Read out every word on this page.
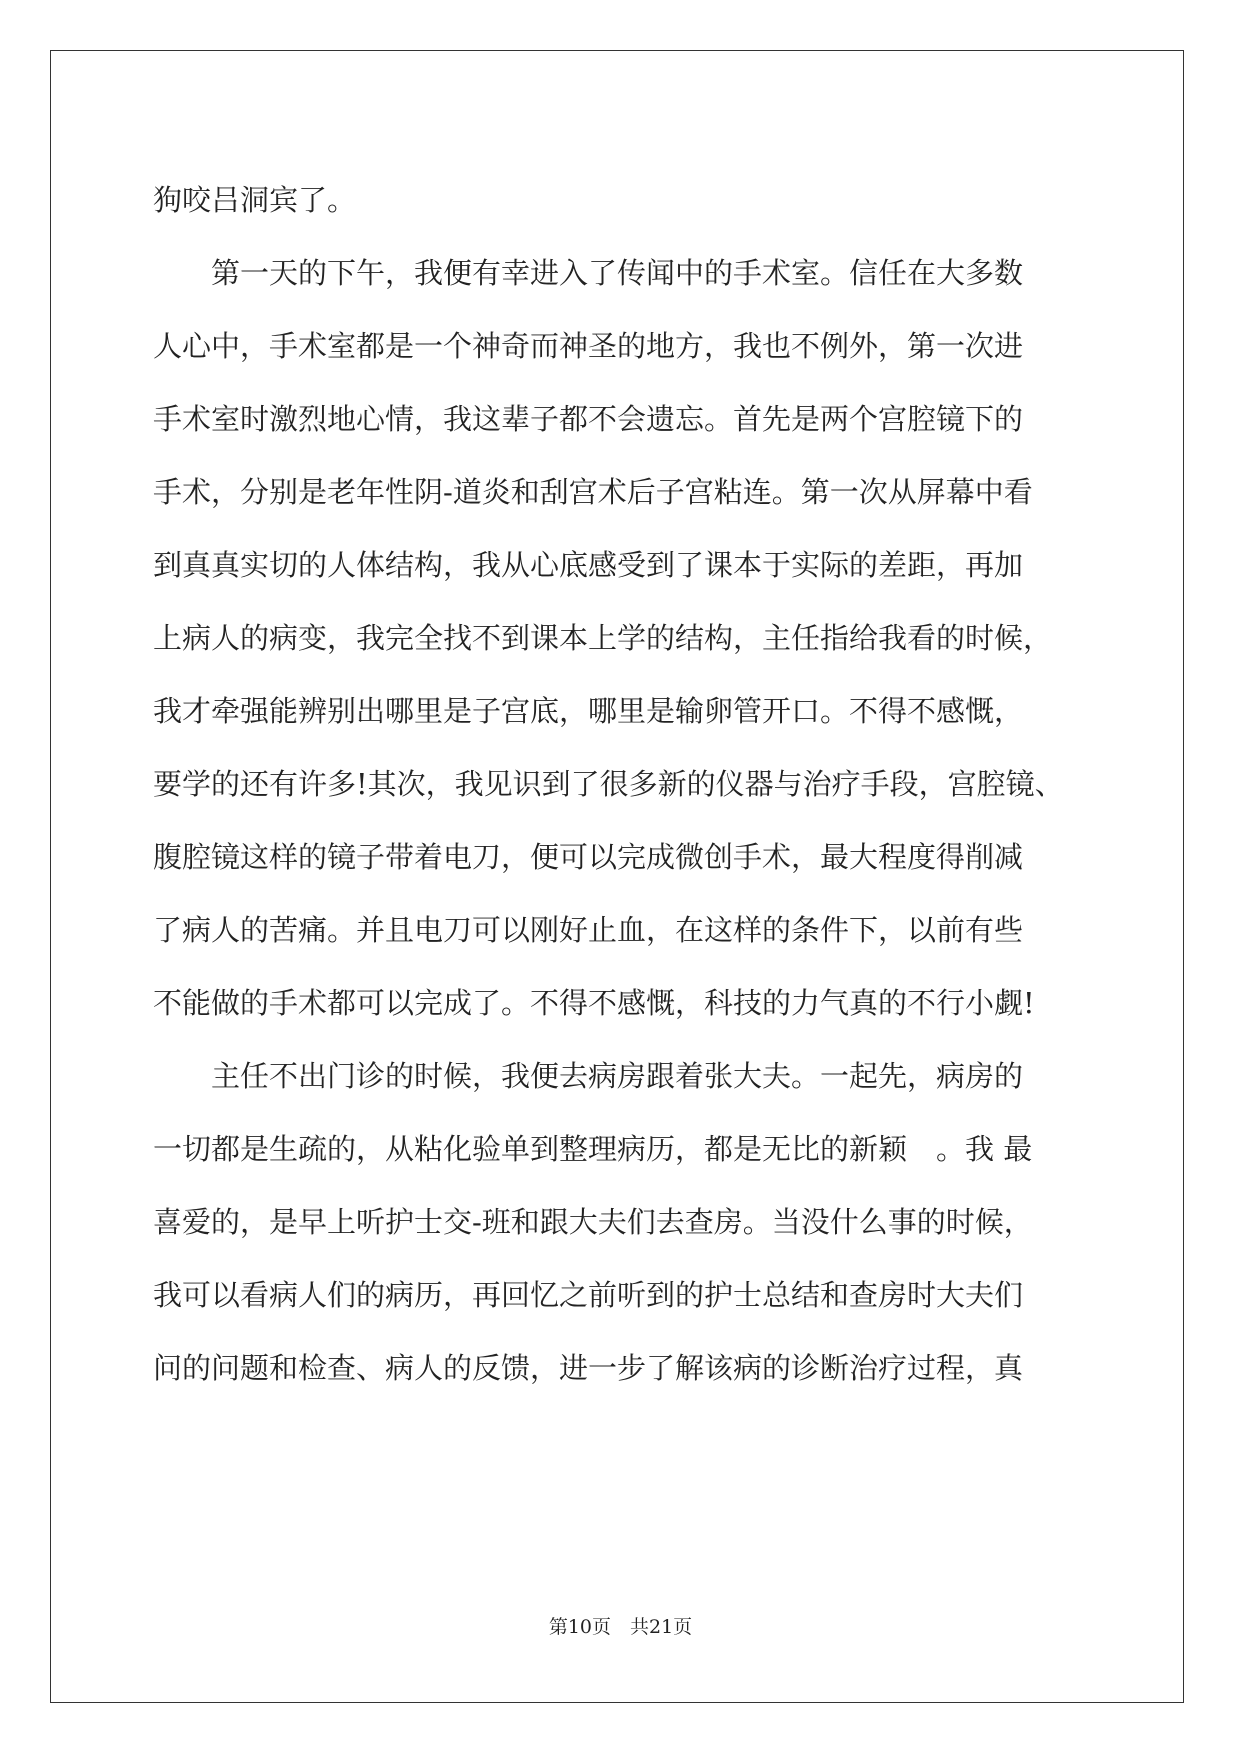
狗咬吕洞宾了。
　　第一天的下午，我便有幸进入了传闻中的手术室。信任在大多数
人心中，手术室都是一个神奇而神圣的地方，我也不例外，第一次进
手术室时激烈地心情，我这辈子都不会遗忘。首先是两个宫腔镜下的
手术，分别是老年性阴-道炎和刮宫术后子宫粘连。第一次从屏幕中看
到真真实切的人体结构，我从心底感受到了课本于实际的差距，再加
上病人的病变，我完全找不到课本上学的结构，主任指给我看的时候，
我才牵强能辨别出哪里是子宫底，哪里是输卵管开口。不得不感慨，
要学的还有许多!其次，我见识到了很多新的仪器与治疗手段，宫腔镜、
腹腔镜这样的镜子带着电刀，便可以完成微创手术，最大程度得削减
了病人的苦痛。并且电刀可以刚好止血，在这样的条件下，以前有些
不能做的手术都可以完成了。不得不感慨，科技的力气真的不行小觑!
　　主任不出门诊的时候，我便去病房跟着张大夫。一起先，病房的
一切都是生疏的，从粘化验单到整理病历，都是无比的新颖　。我 最
喜爱的，是早上听护士交-班和跟大夫们去查房。当没什么事的时候，
我可以看病人们的病历，再回忆之前听到的护士总结和查房时大夫们
问的问题和检查、病人的反馈，进一步了解该病的诊断治疗过程，真
第10页　共21页
